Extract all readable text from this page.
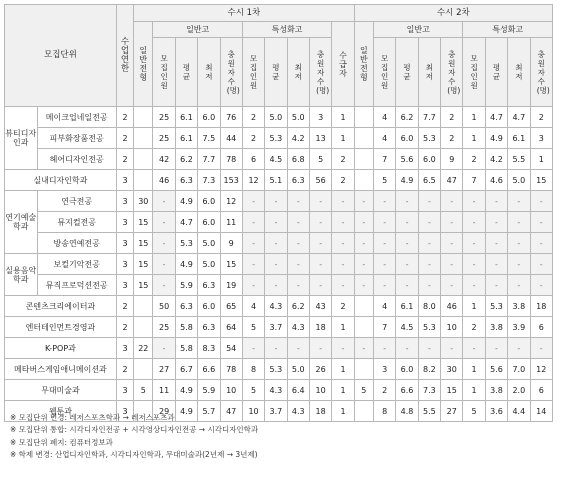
모집단위		수업연한	수시 1차										수시 2차								

			일반전형	일반고				특성화고				수급자	일반전형	일반고				특성화고			

				모집인원	평균	최저	충원자수(명)	모집인원	평균	최저	충원자수(명)			모집인원	평균	최저	충원자수(명)	모집인원	평균	최저	충원자수(명)

뷰티디자인과	메이크업네일전공	2		25	6.1	6.0	76	2	5.0	5.0	3	1		4	6.2	7.7	2	1	4.7	4.7	2
	피부화장품전공	2		25	6.1	7.5	44	2	5.3	4.2	13	1		4	6.0	5.3	2	1	4.9	6.1	3
	헤어디자인전공	2		42	6.2	7.7	78	6	4.5	6.8	5	2		7	5.6	6.0	9	2	4.2	5.5	1
실내디자인학과		3		46	6.3	7.3	153	12	5.1	6.3	56	2		5	4.9	6.5	47	7	4.6	5.0	15
연기예술학과	연극전공	3	30	-	4.9	6.0	12	-	-	-	-	-	-	-	-	-	-	-	-	-	-
	뮤지컬전공	3	15	-	4.7	6.0	11	-	-	-	-	-	-	-	-	-	-	-	-	-	-
	방송연예전공	3	15	-	5.3	5.0	9	-	-	-	-	-	-	-	-	-	-	-	-	-	-
실용음악학과	보컬기악전공	3	15	-	4.9	5.0	15	-	-	-	-	-	-	-	-	-	-	-	-	-	-
	뮤직프로덕션전공	3	15	-	5.9	6.3	19	-	-	-	-	-	-	-	-	-	-	-	-	-	-
콘텐츠크리에이터과		2		50	6.3	6.0	65	4	4.3	6.2	43	2		4	6.1	8.0	46	1	5.3	3.8	18
엔터테인먼트경영과		2		25	5.8	6.3	64	5	3.7	4.3	18	1		7	4.5	5.3	10	2	3.8	3.9	6
K-POP과		3	22	-	5.8	8.3	54	-	-	-	-	-	-	-	-	-	-	-	-	-	-
메타버스게임애니메이션과		2		27	6.7	6.6	78	8	5.3	5.0	26	1		3	6.0	8.2	30	1	5.6	7.0	12
무대미술과		3	5	11	4.9	5.9	10	5	4.3	6.4	10	1	5	2	6.6	7.3	15	1	3.8	2.0	6
웹툰과		3		29	4.9	5.7	47	10	3.7	4.3	18	1		8	4.8	5.5	27	5	3.6	4.4	14
※ 모집단위 변경: 레저스포츠학과 → 레저스포츠과
※ 모집단위 통합: 시각디자인전공 + 시각영상디자인전공 → 시각디자인학과
※ 모집단위 폐지: 컴퓨터정보과
※ 학제 변경: 산업디자인학과, 시각디자인학과, 무대미술과(2년제 → 3년제)
